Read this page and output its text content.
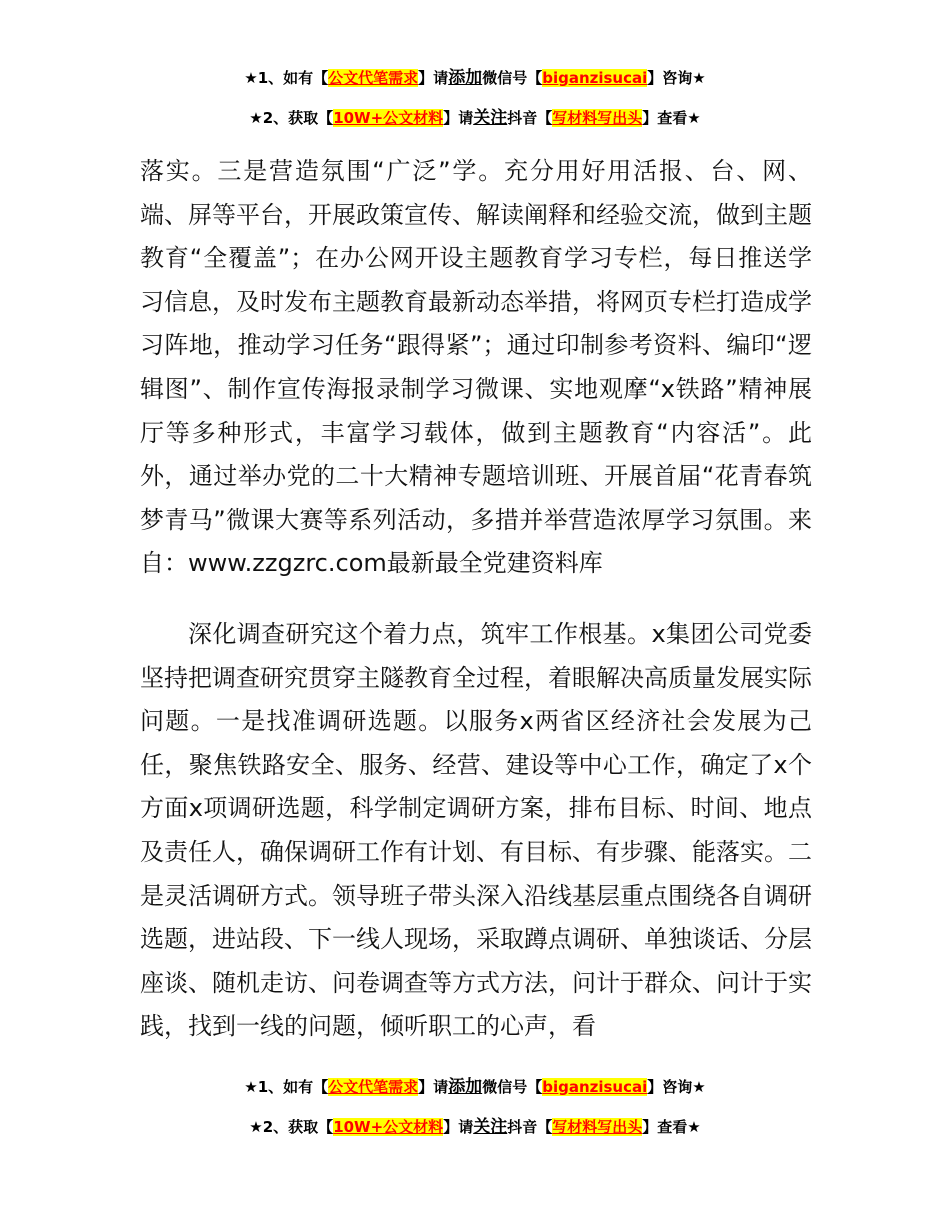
★1、如有【公文代笔需求】请添加微信号【biganzisucai】咨询★
★2、获取【10W+公文材料】请关注抖音【写材料写出头】查看★

落实。三是营造氛围“广泛”学。充分用好用活报、台、网、端、屏等平台，开展政策宣传、解读阐释和经验交流，做到主题教育“全覆盖”；在办公网开设主题教育学习专栏，每日推送学习信息，及时发布主题教育最新动态举措，将网页专栏打造成学习阵地，推动学习任务“跟得紧”；通过印制参考资料、编印“逻辑图”、制作宣传海报录制学习微课、实地观摩“x铁路”精神展厅等多种形式，丰富学习载体，做到主题教育“内容活”。此外，通过举办党的二十大精神专题培训班、开展首届“花青春筑梦青马”微课大赛等系列活动，多措并举营造浓厚学习氛围。来自：www.zzgzrc.com最新最全党建资料库

深化调查研究这个着力点，筑牢工作根基。x集团公司党委坚持把调查研究贯穿主隧教育全过程，着眼解决高质量发展实际问题。一是找准调研选题。以服务x两省区经济社会发展为己任，聚焦铁路安全、服务、经营、建设等中心工作，确定了x个方面x项调研选题，科学制定调研方案，排布目标、时间、地点及责任人，确保调研工作有计划、有目标、有步骤、能落实。二是灵活调研方式。领导班子带头深入沿线基层重点围绕各自调研选题，进站段、下一线人现场，采取蹲点调研、单独谈话、分层座谈、随机走访、问卷调查等方式方法，问计于群众、问计于实践，找到一线的问题，倾听职工的心声，看

★1、如有【公文代笔需求】请添加微信号【biganzisucai】咨询★
★2、获取【10W+公文材料】请关注抖音【写材料写出头】查看★
